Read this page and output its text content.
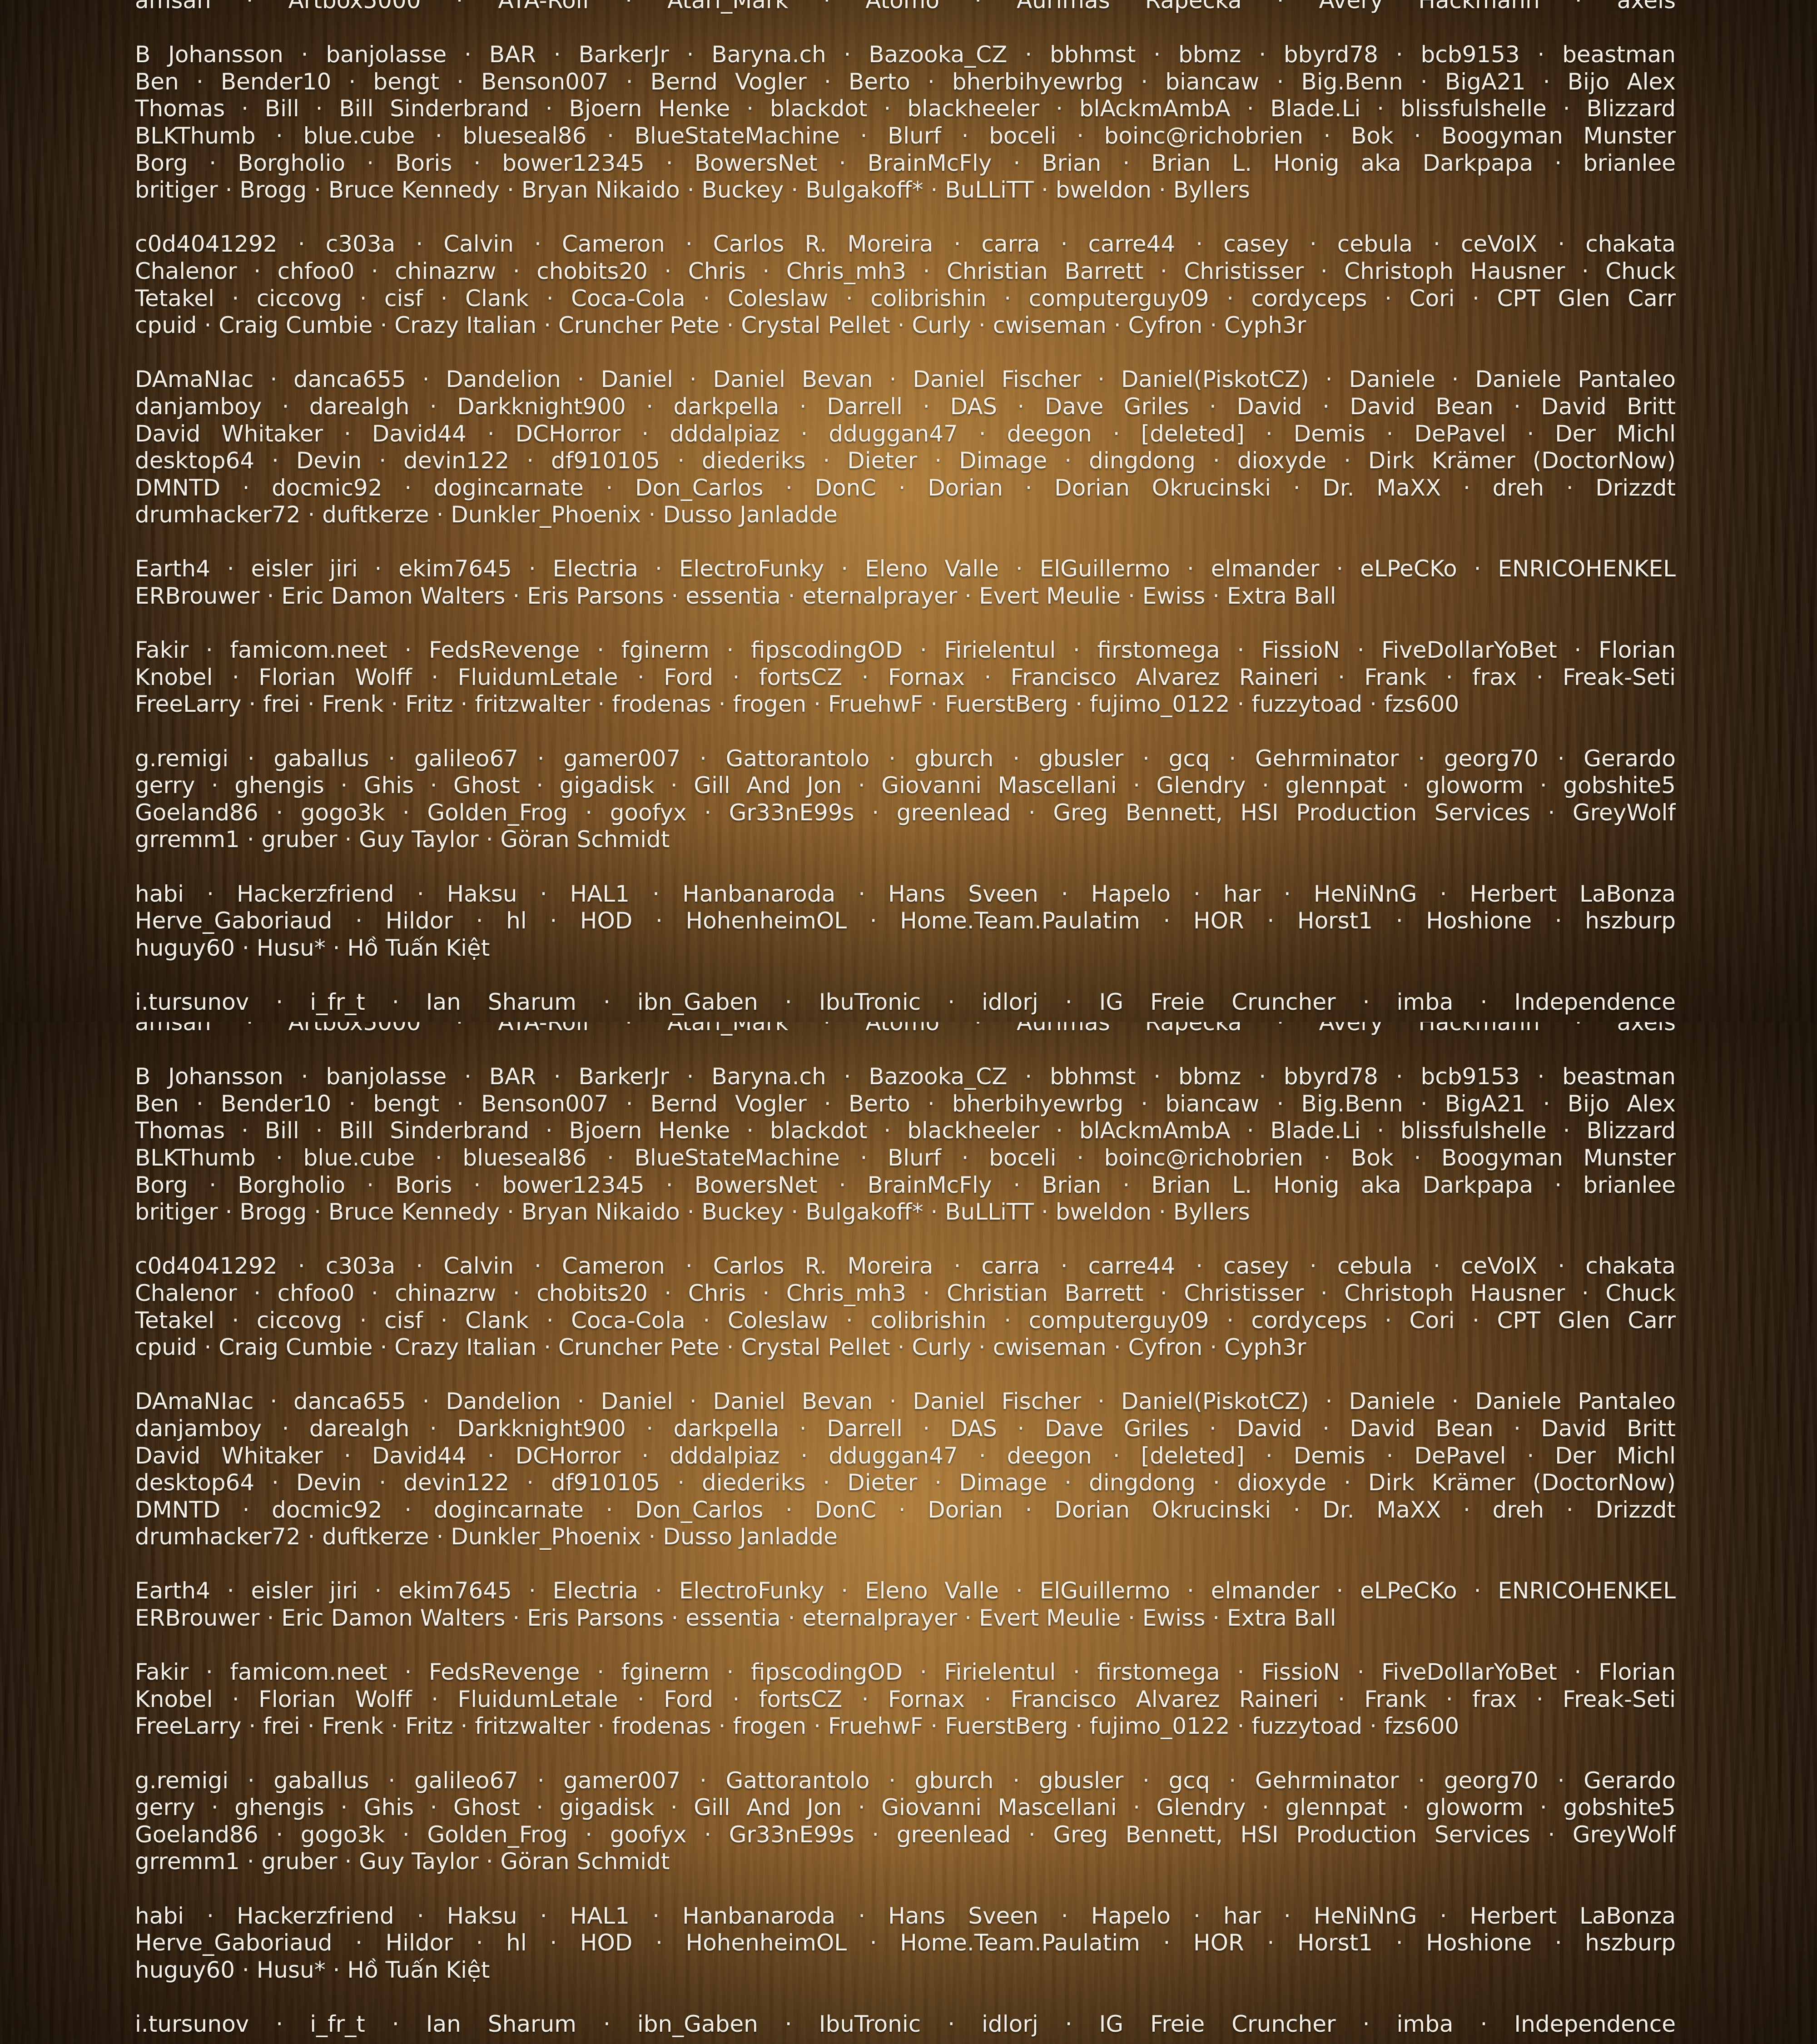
amsan · Artbox5000 · ATA-Rolf · Atari_Mark · Atomo · Aurimas Rapecka · Avery Hackmann · axels
B Johansson · banjolasse · BAR · BarkerJr · Baryna.ch · Bazooka_CZ · bbhmst · bbmz · bbyrd78 · bcb9153 · beastman
Ben · Bender10 · bengt · Benson007 · Bernd Vogler · Berto · bherbihyewrbg · biancaw · Big.Benn · BigA21 · Bijo Alex
Thomas · Bill · Bill Sinderbrand · Bjoern Henke · blackdot · blackheeler · blAckmAmbA · Blade.Li · blissfulshelle · Blizzard
BLKThumb · blue.cube · blueseal86 · BlueStateMachine · Blurf · boceli · boinc@richobrien · Bok · Boogyman Munster
Borg · Borgholio · Boris · bower12345 · BowersNet · BrainMcFly · Brian · Brian L. Honig aka Darkpapa · brianlee
britiger · Brogg · Bruce Kennedy · Bryan Nikaido · Buckey · Bulgakoff* · BuLLiTT · bweldon · Byllers
c0d4041292 · c303a · Calvin · Cameron · Carlos R. Moreira · carra · carre44 · casey · cebula · ceVoIX · chakata
Chalenor · chfoo0 · chinazrw · chobits20 · Chris · Chris_mh3 · Christian Barrett · Christisser · Christoph Hausner · Chuck
Tetakel · ciccovg · cisf · Clank · Coca-Cola · Coleslaw · colibrishin · computerguy09 · cordyceps · Cori · CPT Glen Carr
cpuid · Craig Cumbie · Crazy Italian · Cruncher Pete · Crystal Pellet · Curly · cwiseman · Cyfron · Cyph3r
DAmaNIac · danca655 · Dandelion · Daniel · Daniel Bevan · Daniel Fischer · Daniel(PiskotCZ) · Daniele · Daniele Pantaleo
danjamboy · darealgh · Darkknight900 · darkpella · Darrell · DAS · Dave Griles · David · David Bean · David Britt
David Whitaker · David44 · DCHorror · dddalpiaz · dduggan47 · deegon · [deleted] · Demis · DePavel · Der Michl
desktop64 · Devin · devin122 · df910105 · diederiks · Dieter · Dimage · dingdong · dioxyde · Dirk Krämer (DoctorNow)
DMNTD · docmic92 · dogincarnate · Don_Carlos · DonC · Dorian · Dorian Okrucinski · Dr. MaXX · dreh · Drizzdt
drumhacker72 · duftkerze · Dunkler_Phoenix · Dusso Janladde
Earth4 · eisler jiri · ekim7645 · Electria · ElectroFunky · Eleno Valle · ElGuillermo · elmander · eLPeCKo · ENRICOHENKEL
ERBrouwer · Eric Damon Walters · Eris Parsons · essentia · eternalprayer · Evert Meulie · Ewiss · Extra Ball
Fakir · famicom.neet · FedsRevenge · fginerm · fipscodingOD · Firielentul · firstomega · FissioN · FiveDollarYoBet · Florian
Knobel · Florian Wolff · FluidumLetale · Ford · fortsCZ · Fornax · Francisco Alvarez Raineri · Frank · frax · Freak-Seti
FreeLarry · frei · Frenk · Fritz · fritzwalter · frodenas · frogen · FruehwF · FuerstBerg · fujimo_0122 · fuzzytoad · fzs600
g.remigi · gaballus · galileo67 · gamer007 · Gattorantolo · gburch · gbusler · gcq · Gehrminator · georg70 · Gerardo
gerry · ghengis · Ghis · Ghost · gigadisk · Gill And Jon · Giovanni Mascellani · Glendry · glennpat · gloworm · gobshite5
Goeland86 · gogo3k · Golden_Frog · goofyx · Gr33nE99s · greenlead · Greg Bennett, HSI Production Services · GreyWolf
grremm1 · gruber · Guy Taylor · Göran Schmidt
habi · Hackerzfriend · Haksu · HAL1 · Hanbanaroda · Hans Sveen · Hapelo · har · HeNiNnG · Herbert LaBonza
Herve_Gaboriaud · Hildor · hl · HOD · HohenheimOL · Home.Team.Paulatim · HOR · Horst1 · Hoshione · hszburp
huguy60 · Husu* · Hồ Tuấn Kiệt
i.tursunov · i_fr_t · Ian Sharum · ibn_Gaben · IbuTronic · idlorj · IG Freie Cruncher · imba · Independence
amsan · Artbox5000 · ATA-Rolf · Atari_Mark · Atomo · Aurimas Rapecka · Avery Hackmann · axels
B Johansson · banjolasse · BAR · BarkerJr · Baryna.ch · Bazooka_CZ · bbhmst · bbmz · bbyrd78 · bcb9153 · beastman
Ben · Bender10 · bengt · Benson007 · Bernd Vogler · Berto · bherbihyewrbg · biancaw · Big.Benn · BigA21 · Bijo Alex
Thomas · Bill · Bill Sinderbrand · Bjoern Henke · blackdot · blackheeler · blAckmAmbA · Blade.Li · blissfulshelle · Blizzard
BLKThumb · blue.cube · blueseal86 · BlueStateMachine · Blurf · boceli · boinc@richobrien · Bok · Boogyman Munster
Borg · Borgholio · Boris · bower12345 · BowersNet · BrainMcFly · Brian · Brian L. Honig aka Darkpapa · brianlee
britiger · Brogg · Bruce Kennedy · Bryan Nikaido · Buckey · Bulgakoff* · BuLLiTT · bweldon · Byllers
c0d4041292 · c303a · Calvin · Cameron · Carlos R. Moreira · carra · carre44 · casey · cebula · ceVoIX · chakata
Chalenor · chfoo0 · chinazrw · chobits20 · Chris · Chris_mh3 · Christian Barrett · Christisser · Christoph Hausner · Chuck
Tetakel · ciccovg · cisf · Clank · Coca-Cola · Coleslaw · colibrishin · computerguy09 · cordyceps · Cori · CPT Glen Carr
cpuid · Craig Cumbie · Crazy Italian · Cruncher Pete · Crystal Pellet · Curly · cwiseman · Cyfron · Cyph3r
DAmaNIac · danca655 · Dandelion · Daniel · Daniel Bevan · Daniel Fischer · Daniel(PiskotCZ) · Daniele · Daniele Pantaleo
danjamboy · darealgh · Darkknight900 · darkpella · Darrell · DAS · Dave Griles · David · David Bean · David Britt
David Whitaker · David44 · DCHorror · dddalpiaz · dduggan47 · deegon · [deleted] · Demis · DePavel · Der Michl
desktop64 · Devin · devin122 · df910105 · diederiks · Dieter · Dimage · dingdong · dioxyde · Dirk Krämer (DoctorNow)
DMNTD · docmic92 · dogincarnate · Don_Carlos · DonC · Dorian · Dorian Okrucinski · Dr. MaXX · dreh · Drizzdt
drumhacker72 · duftkerze · Dunkler_Phoenix · Dusso Janladde
Earth4 · eisler jiri · ekim7645 · Electria · ElectroFunky · Eleno Valle · ElGuillermo · elmander · eLPeCKo · ENRICOHENKEL
ERBrouwer · Eric Damon Walters · Eris Parsons · essentia · eternalprayer · Evert Meulie · Ewiss · Extra Ball
Fakir · famicom.neet · FedsRevenge · fginerm · fipscodingOD · Firielentul · firstomega · FissioN · FiveDollarYoBet · Florian
Knobel · Florian Wolff · FluidumLetale · Ford · fortsCZ · Fornax · Francisco Alvarez Raineri · Frank · frax · Freak-Seti
FreeLarry · frei · Frenk · Fritz · fritzwalter · frodenas · frogen · FruehwF · FuerstBerg · fujimo_0122 · fuzzytoad · fzs600
g.remigi · gaballus · galileo67 · gamer007 · Gattorantolo · gburch · gbusler · gcq · Gehrminator · georg70 · Gerardo
gerry · ghengis · Ghis · Ghost · gigadisk · Gill And Jon · Giovanni Mascellani · Glendry · glennpat · gloworm · gobshite5
Goeland86 · gogo3k · Golden_Frog · goofyx · Gr33nE99s · greenlead · Greg Bennett, HSI Production Services · GreyWolf
grremm1 · gruber · Guy Taylor · Göran Schmidt
habi · Hackerzfriend · Haksu · HAL1 · Hanbanaroda · Hans Sveen · Hapelo · har · HeNiNnG · Herbert LaBonza
Herve_Gaboriaud · Hildor · hl · HOD · HohenheimOL · Home.Team.Paulatim · HOR · Horst1 · Hoshione · hszburp
huguy60 · Husu* · Hồ Tuấn Kiệt
i.tursunov · i_fr_t · Ian Sharum · ibn_Gaben · IbuTronic · idlorj · IG Freie Cruncher · imba · Independence
